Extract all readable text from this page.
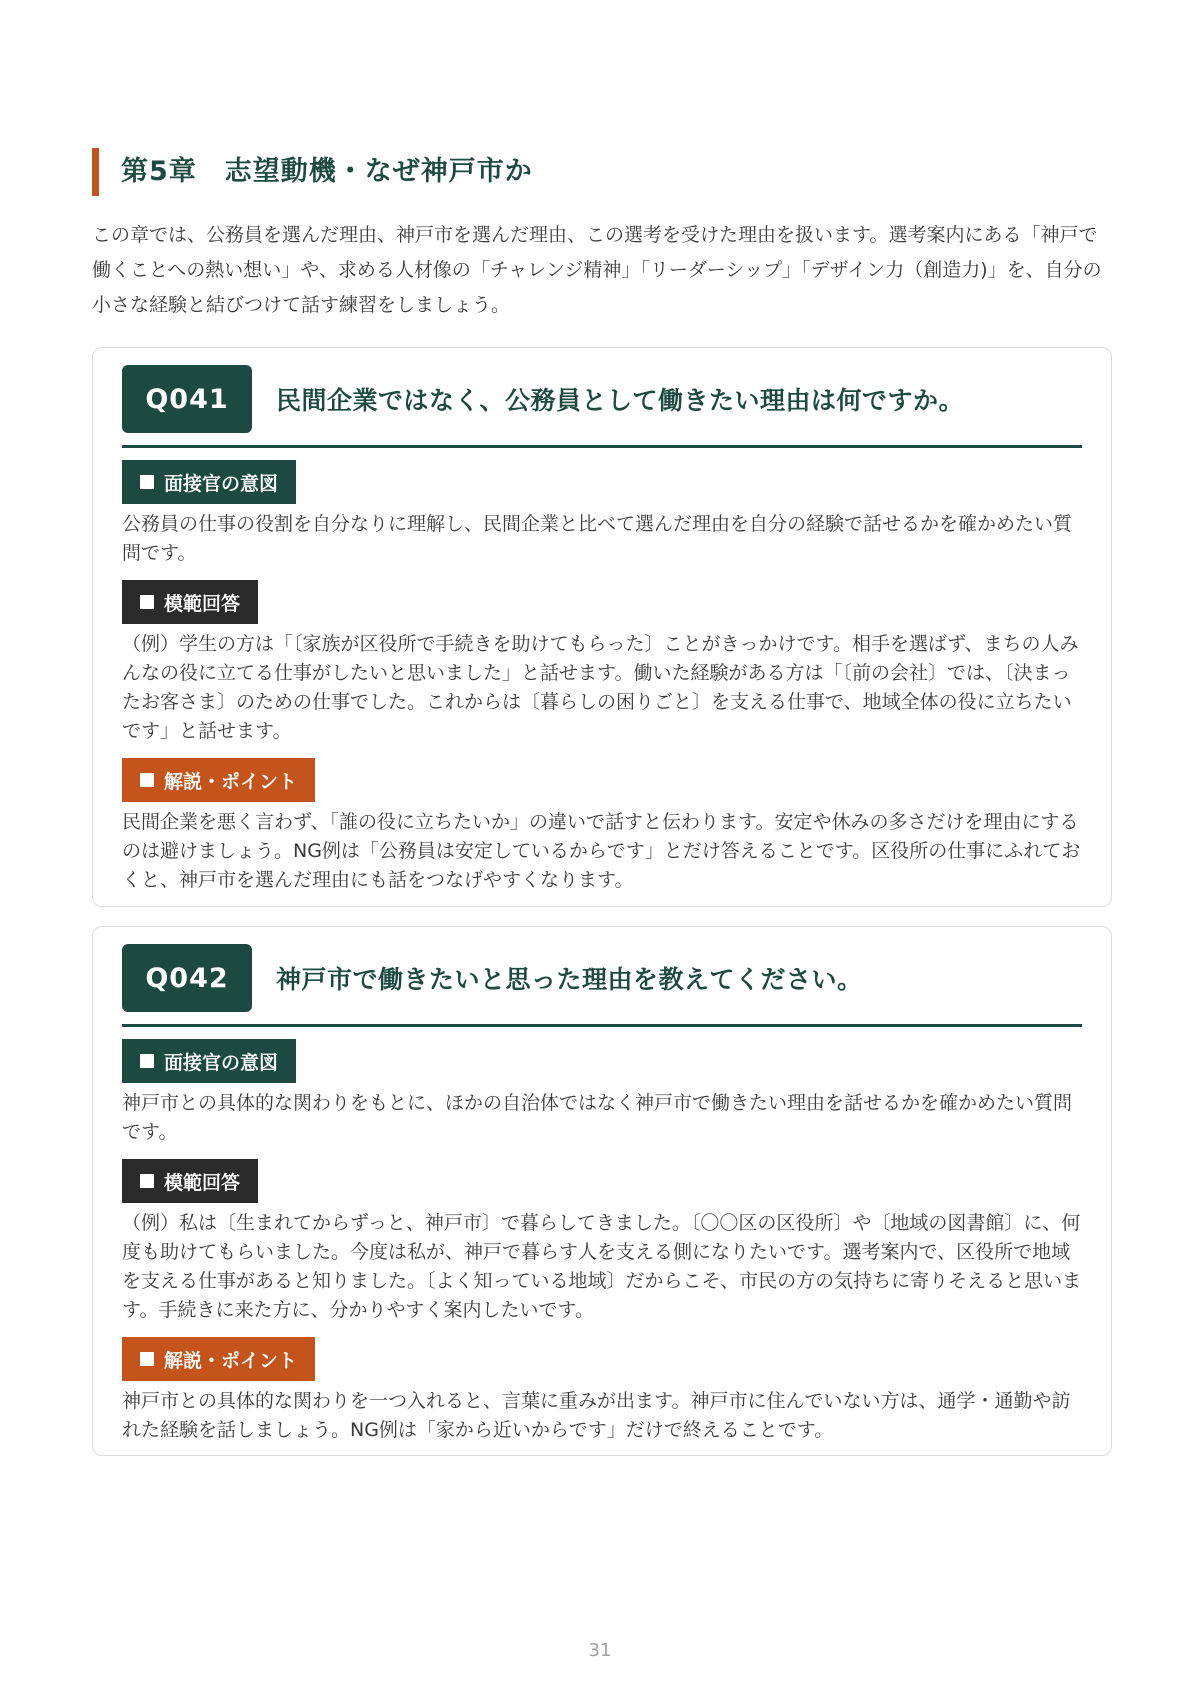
第5章　志望動機・なぜ神戸市か
この章では、公務員を選んだ理由、神戸市を選んだ理由、この選考を受けた理由を扱います。選考案内にある「神戸で働くことへの熱い想い」や、求める人材像の「チャレンジ精神」「リーダーシップ」「デザイン力（創造力)」を、自分の小さな経験と結びつけて話す練習をしましょう。
Q041	民間企業ではなく、公務員として働きたい理由は何ですか。
面接官の意図
公務員の仕事の役割を自分なりに理解し、民間企業と比べて選んだ理由を自分の経験で話せるかを確かめたい質問です。
模範回答
（例）学生の方は「〔家族が区役所で手続きを助けてもらった〕ことがきっかけです。相手を選ばず、まちの人みんなの役に立てる仕事がしたいと思いました」と話せます。働いた経験がある方は「〔前の会社〕では、〔決まったお客さま〕のための仕事でした。これからは〔暮らしの困りごと〕を支える仕事で、地域全体の役に立ちたいです」と話せます。
解説・ポイント
民間企業を悪く言わず、「誰の役に立ちたいか」の違いで話すと伝わります。安定や休みの多さだけを理由にするのは避けましょう。NG例は「公務員は安定しているからです」とだけ答えることです。区役所の仕事にふれておくと、神戸市を選んだ理由にも話をつなげやすくなります。
Q042	神戸市で働きたいと思った理由を教えてください。
面接官の意図
神戸市との具体的な関わりをもとに、ほかの自治体ではなく神戸市で働きたい理由を話せるかを確かめたい質問です。
模範回答
（例）私は〔生まれてからずっと、神戸市〕で暮らしてきました。〔〇〇区の区役所〕や〔地域の図書館〕に、何度も助けてもらいました。今度は私が、神戸で暮らす人を支える側になりたいです。選考案内で、区役所で地域を支える仕事があると知りました。〔よく知っている地域〕だからこそ、市民の方の気持ちに寄りそえると思います。手続きに来た方に、分かりやすく案内したいです。
解説・ポイント
神戸市との具体的な関わりを一つ入れると、言葉に重みが出ます。神戸市に住んでいない方は、通学・通勤や訪れた経験を話しましょう。NG例は「家から近いからです」だけで終えることです。
31
